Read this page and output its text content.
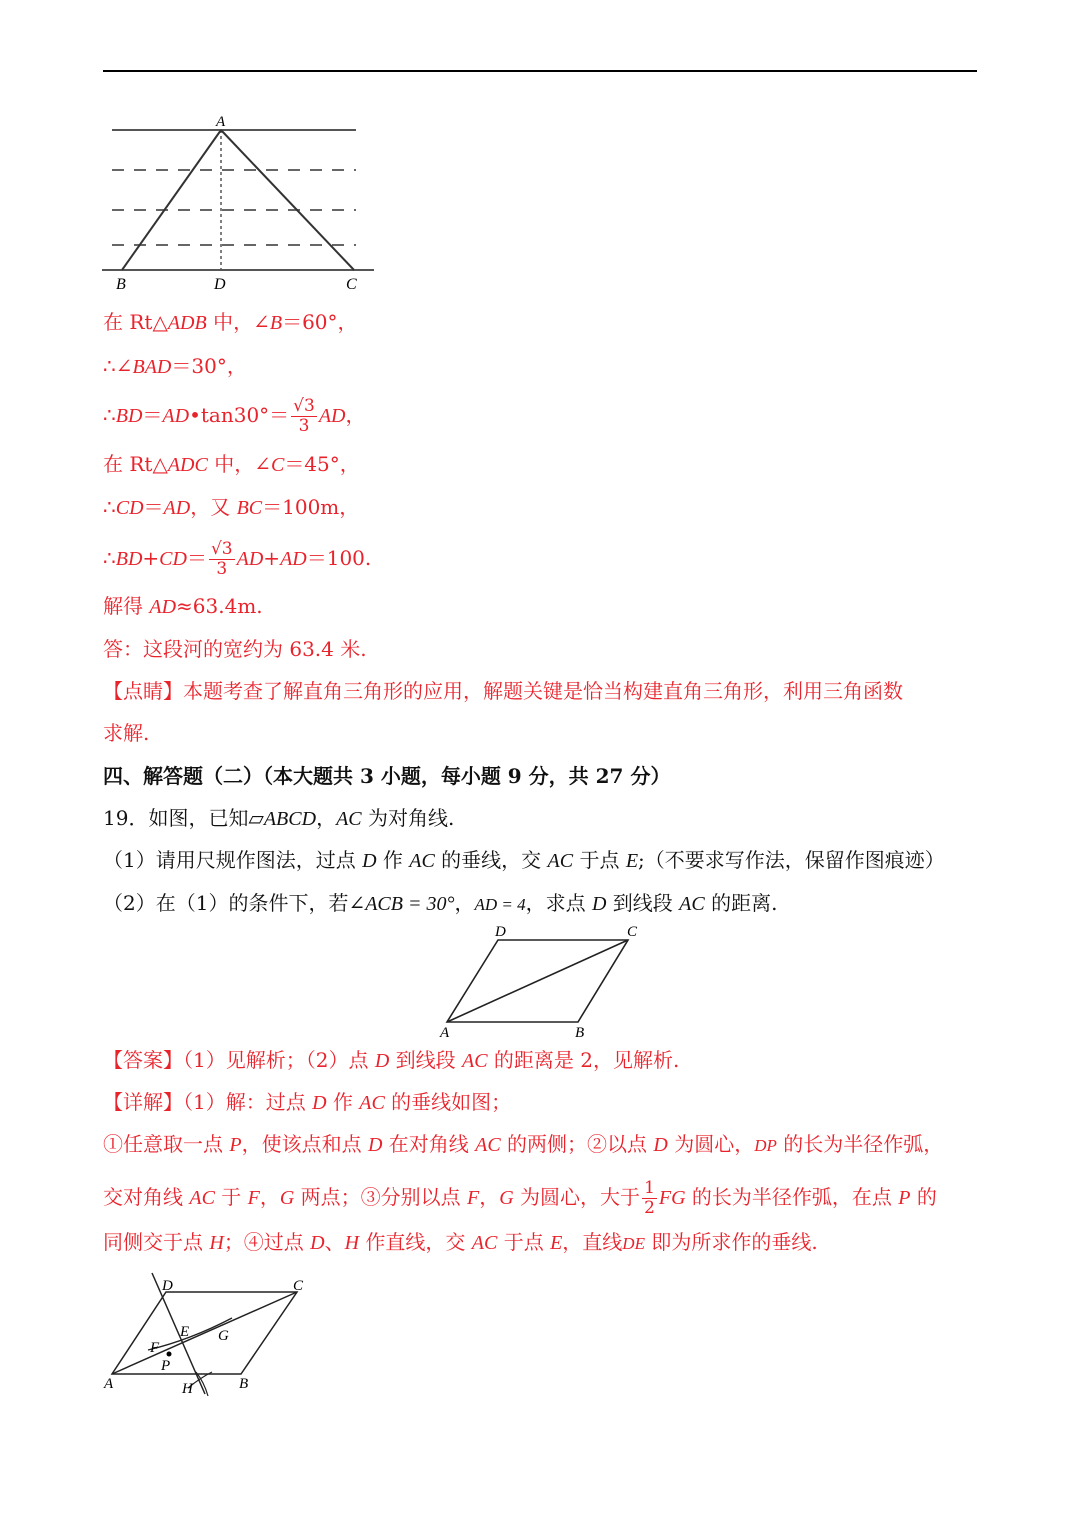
A
B	D	C
在 Rt△ADB 中，∠B＝60°，
∴∠BAD＝30°，
∴BD＝AD•tan30°＝ $\frac{√3}{3}$ AD，
在 Rt△ADC 中，∠C＝45°，
∴CD＝AD，又 BC＝100m，
∴BD+CD＝ $\frac{√3}{3} AD+AD=100$.
解得 AD≈63.4m.
答：这段河的宽约为 63.4 米.
【点睛】本题考查了解直角三角形的应用，解题关键是恰当构建直角三角形，利用三角函数
求解.
四、解答题（二）（本大题共 3 小题，每小题 9 分，共 27 分）
19．如图，已知▱ABCD，AC 为对角线.
（1）请用尺规作图法，过点 D 作 AC 的垂线，交 AC 于点 E;（不要求写作法，保留作图痕迹）
（2）在（1）的条件下，若∠ACB = 30°，AD = 4，求点 D 到线段 AC 的距离.
D	C
A	B
【答案】（1）见解析；（2）点 D 到线段 AC 的距离是 2，见解析.
【详解】（1）解：过点 D 作 AC 的垂线如图；
①任意取一点 P，使该点和点 D 在对角线 AC 的两侧；②以点 D 为圆心，DP 的长为半径作弧，
交对角线 AC 于 F，G 两点；③分别以点 F，G 为圆心，大于 $\frac{1}{2}$ FG 的长为半径作弧，在点 P 的
同侧交于点 H；④过点 D、H 作直线，交 AC 于点 E，直线DE 即为所求作的垂线.
D	C
A	B
E
F
G
P
H
